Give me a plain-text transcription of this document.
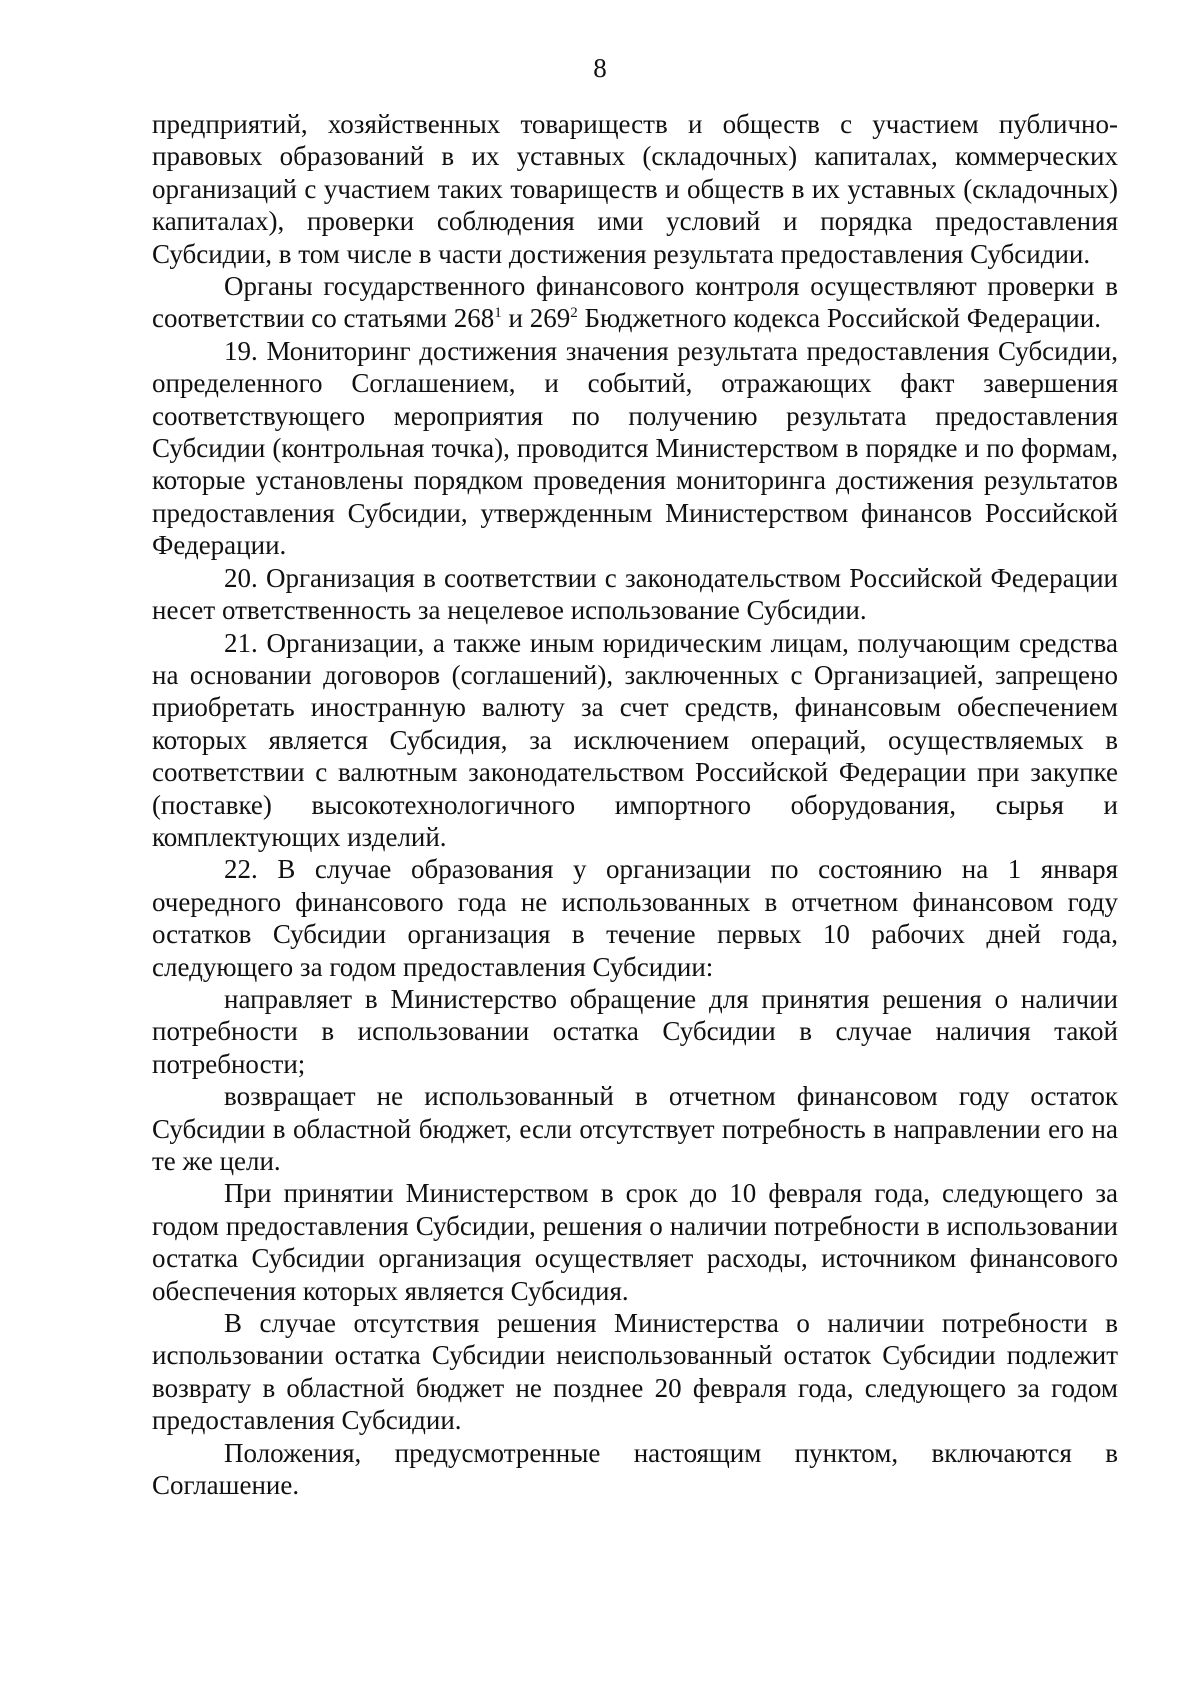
8

предприятий, хозяйственных товариществ и обществ с участием публично-правовых образований в их уставных (складочных) капиталах, коммерческих организаций с участием таких товариществ и обществ в их уставных (складочных) капиталах), проверки соблюдения ими условий и порядка предоставления Субсидии, в том числе в части достижения результата предоставления Субсидии.

Органы государственного финансового контроля осуществляют проверки в соответствии со статьями $268^1$ и $269^2$ Бюджетного кодекса Российской Федерации.

19. Мониторинг достижения значения результата предоставления Субсидии, определенного Соглашением, и событий, отражающих факт завершения соответствующего мероприятия по получению результата предоставления Субсидии (контрольная точка), проводится Министерством в порядке и по формам, которые установлены порядком проведения мониторинга достижения результатов предоставления Субсидии, утвержденным Министерством финансов Российской Федерации.

20. Организация в соответствии с законодательством Российской Федерации несет ответственность за нецелевое использование Субсидии.

21. Организации, а также иным юридическим лицам, получающим средства на основании договоров (соглашений), заключенных с Организацией, запрещено приобретать иностранную валюту за счет средств, финансовым обеспечением которых является Субсидия, за исключением операций, осуществляемых в соответствии с валютным законодательством Российской Федерации при закупке (поставке) высокотехнологичного импортного оборудования, сырья и комплектующих изделий.

22. В случае образования у организации по состоянию на 1 января очередного финансового года не использованных в отчетном финансовом году остатков Субсидии организация в течение первых 10 рабочих дней года, следующего за годом предоставления Субсидии:

направляет в Министерство обращение для принятия решения о наличии потребности в использовании остатка Субсидии в случае наличия такой потребности;

возвращает не использованный в отчетном финансовом году остаток Субсидии в областной бюджет, если отсутствует потребность в направлении его на те же цели.

При принятии Министерством в срок до 10 февраля года, следующего за годом предоставления Субсидии, решения о наличии потребности в использовании остатка Субсидии организация осуществляет расходы, источником финансового обеспечения которых является Субсидия.

В случае отсутствия решения Министерства о наличии потребности в использовании остатка Субсидии неиспользованный остаток Субсидии подлежит возврату в областной бюджет не позднее 20 февраля года, следующего за годом предоставления Субсидии.

Положения, предусмотренные настоящим пунктом, включаются в Соглашение.
